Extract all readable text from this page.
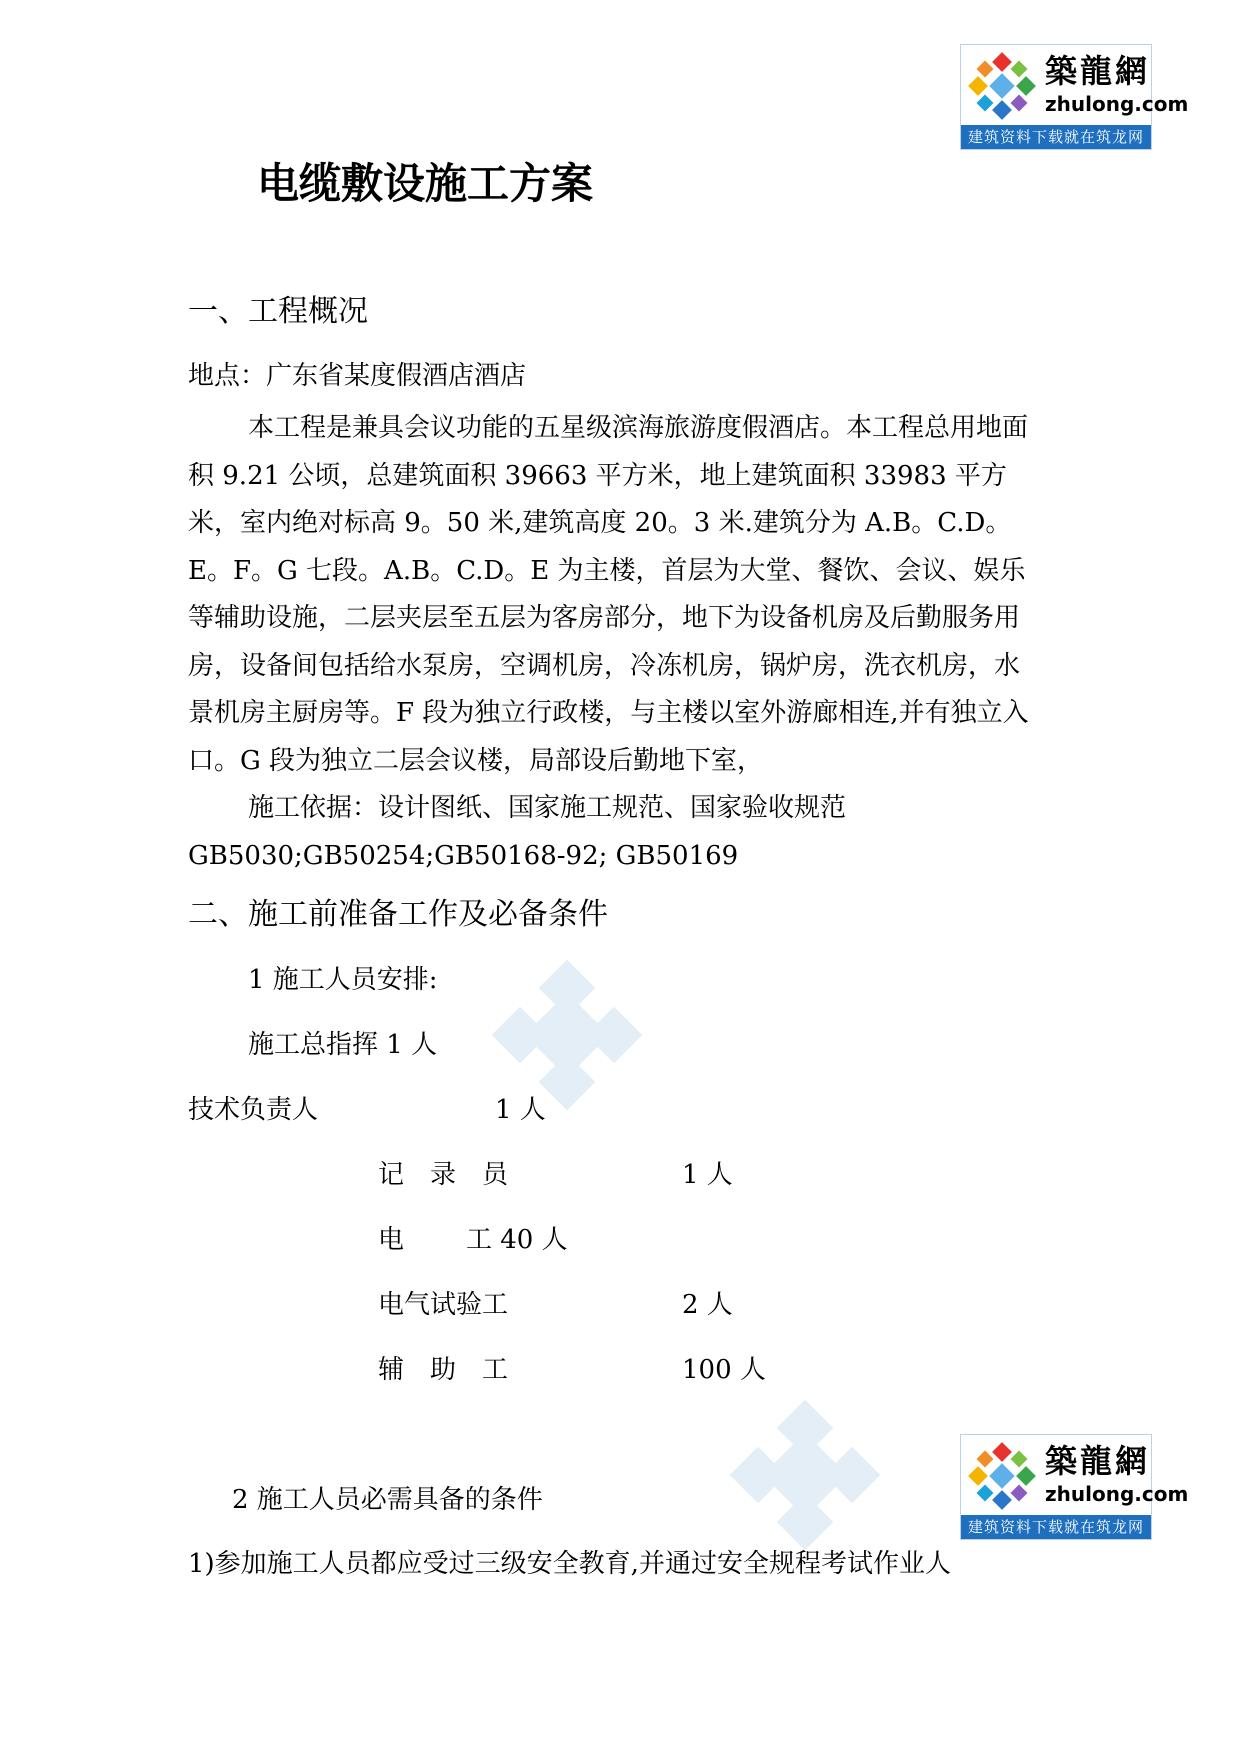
築龍網
zhulong.com
建筑资料下载就在筑龙网
築龍網
zhulong.com
建筑资料下载就在筑龙网
电缆敷设施工方案
一、工程概况
地点：广东省某度假酒店酒店

本工程是兼具会议功能的五星级滨海旅游度假酒店。本工程总用地面积 9.21 公顷，总建筑面积 39663 平方米，地上建筑面积 33983 平方米，室内绝对标高 9。50 米,建筑高度 20。3 米.建筑分为 A.B。C.D。E。F。G 七段。A.B。C.D。E 为主楼，首层为大堂、餐饮、会议、娱乐等辅助设施，二层夹层至五层为客房部分，地下为设备机房及后勤服务用房，设备间包括给水泵房，空调机房，冷冻机房，锅炉房，洗衣机房，水景机房主厨房等。F 段为独立行政楼，与主楼以室外游廊相连,并有独立入口。G 段为独立二层会议楼，局部设后勤地下室，

施工依据：设计图纸、国家施工规范、国家验收规范 GB5030;GB50254;GB50168-92; GB50169

二、施工前准备工作及必备条件
1 施工人员安排:
施工总指挥 1 人
技术负责人	1 人
记　录　员	1 人
电 工 40 人
电气试验工	2 人
辅　助　工	100 人
2 施工人员必需具备的条件
1)参加施工人员都应受过三级安全教育,并通过安全规程考试作业人
